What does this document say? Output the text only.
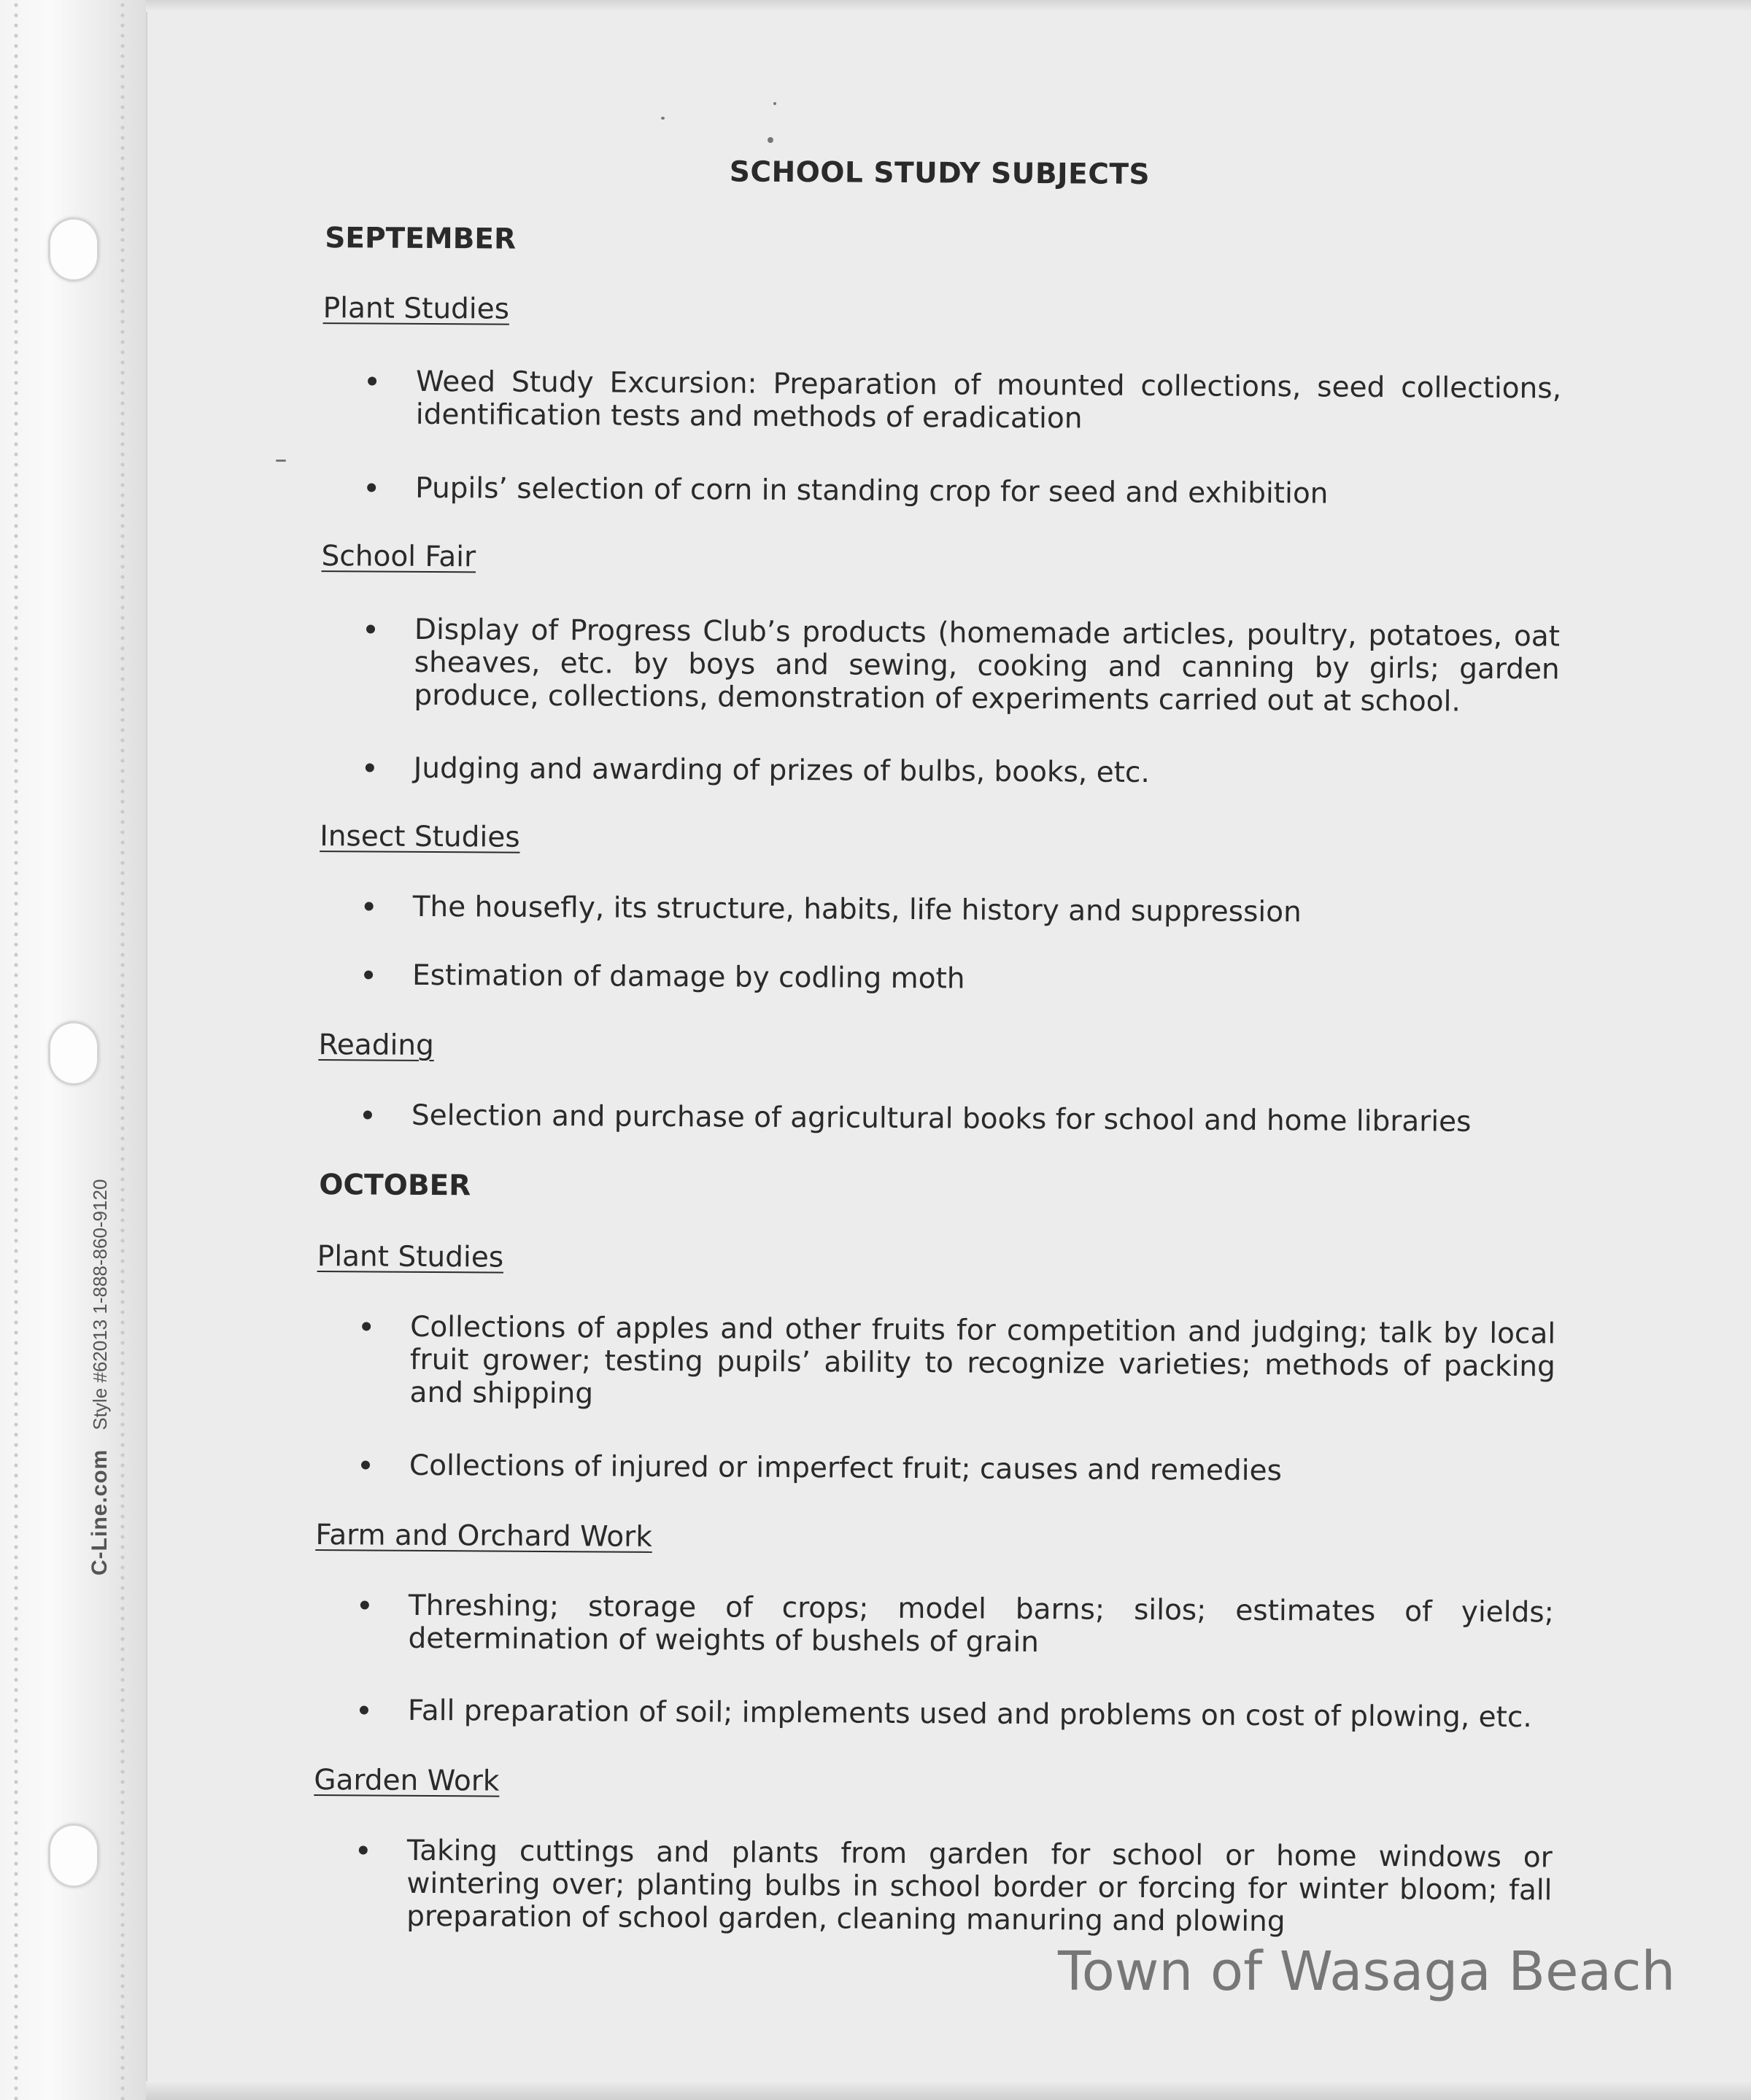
C-Line.comStyle #62013 1-888-860-9120
SCHOOL STUDY SUBJECTS
SEPTEMBER
Plant Studies
Weed Study Excursion: Preparation of mounted collections, seed collections, identification tests and methods of eradication
Pupils’ selection of corn in standing crop for seed and exhibition
School Fair
Display of Progress Club’s products (homemade articles, poultry, potatoes, oat sheaves, etc. by boys and sewing, cooking and canning by girls; garden produce, collections, demonstration of experiments carried out at school.
Judging and awarding of prizes of bulbs, books, etc.
Insect Studies
The housefly, its structure, habits, life history and suppression
Estimation of damage by codling moth
Reading
Selection and purchase of agricultural books for school and home libraries
OCTOBER
Plant Studies
Collections of apples and other fruits for competition and judging; talk by local fruit grower; testing pupils’ ability to recognize varieties; methods of packing and shipping
Collections of injured or imperfect fruit; causes and remedies
Farm and Orchard Work
Threshing; storage of crops; model barns; silos; estimates of yields; determination of weights of bushels of grain
Fall preparation of soil; implements used and problems on cost of plowing, etc.
Garden Work
Taking cuttings and plants from garden for school or home windows or wintering over; planting bulbs in school border or forcing for winter bloom; fall preparation of school garden, cleaning manuring and plowing
Town of Wasaga Beach
